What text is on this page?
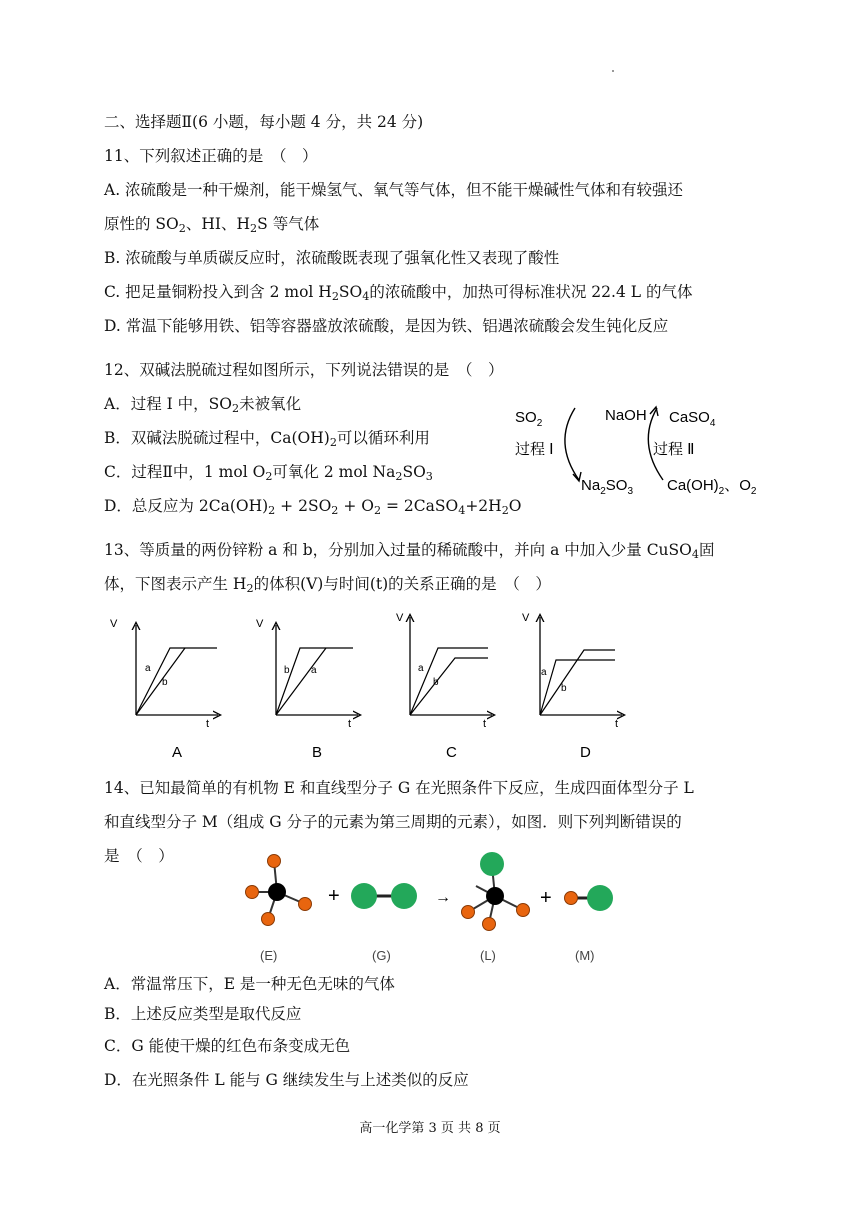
二、选择题Ⅱ(6 小题，每小题 4 分，共 24 分)
11、下列叙述正确的是　（　）
A. 浓硫酸是一种干燥剂，能干燥氢气、氧气等气体，但不能干燥碱性气体和有较强还
原性的 $SO_2$、HI、$H_2S$ 等气体
B. 浓硫酸与单质碳反应时，浓硫酸既表现了强氧化性又表现了酸性
C. 把足量铜粉投入到含 2 mol $H_2SO_4$的浓硫酸中，加热可得标准状况 22.4 L 的气体
D. 常温下能够用铁、铝等容器盛放浓硫酸，是因为铁、铝遇浓硫酸会发生钝化反应
12、双碱法脱硫过程如图所示，下列说法错误的是　（　）
A．过程 Ⅰ 中，$SO_2$未被氧化
B．双碱法脱硫过程中，$Ca(OH)_2$可以循环利用
C．过程Ⅱ中，1 mol $O_2$可氧化 2 mol $Na_2SO_3$
D．总反应为 $2Ca(OH)_2 + 2SO_2 + O_2$ = $2CaSO_4+2H_2O$
$SO_2$	NaOH CaSO$_4$
过程 Ⅰ	过程 Ⅱ
$Na_2SO_3$ $Ca(OH)_2$、$O_2$
13、等质量的两份锌粉 a 和 b，分别加入过量的稀硫酸中，并向 a 中加入少量 CuSO$_4$固
体，下图表示产生 $H_2$的体积(V)与时间(t)的关系正确的是　（　）
V
t
a
b
A
V
t
b a
B
V
t
a
b
C
V
t
a
b
D
14、已知最简单的有机物 E 和直线型分子 G 在光照条件下反应，生成四面体型分子 L
和直线型分子 M（组成 G 分子的元素为第三周期的元素），如图．则下列判断错误的
是　（　）
+	→	+
(E)	(G)	(L)	(M)
A．常温常压下，E 是一种无色无味的气体
B．上述反应类型是取代反应
C．G 能使干燥的红色布条变成无色
D．在光照条件 L 能与 G 继续发生与上述类似的反应
高一化学第 3 页 共 8 页
